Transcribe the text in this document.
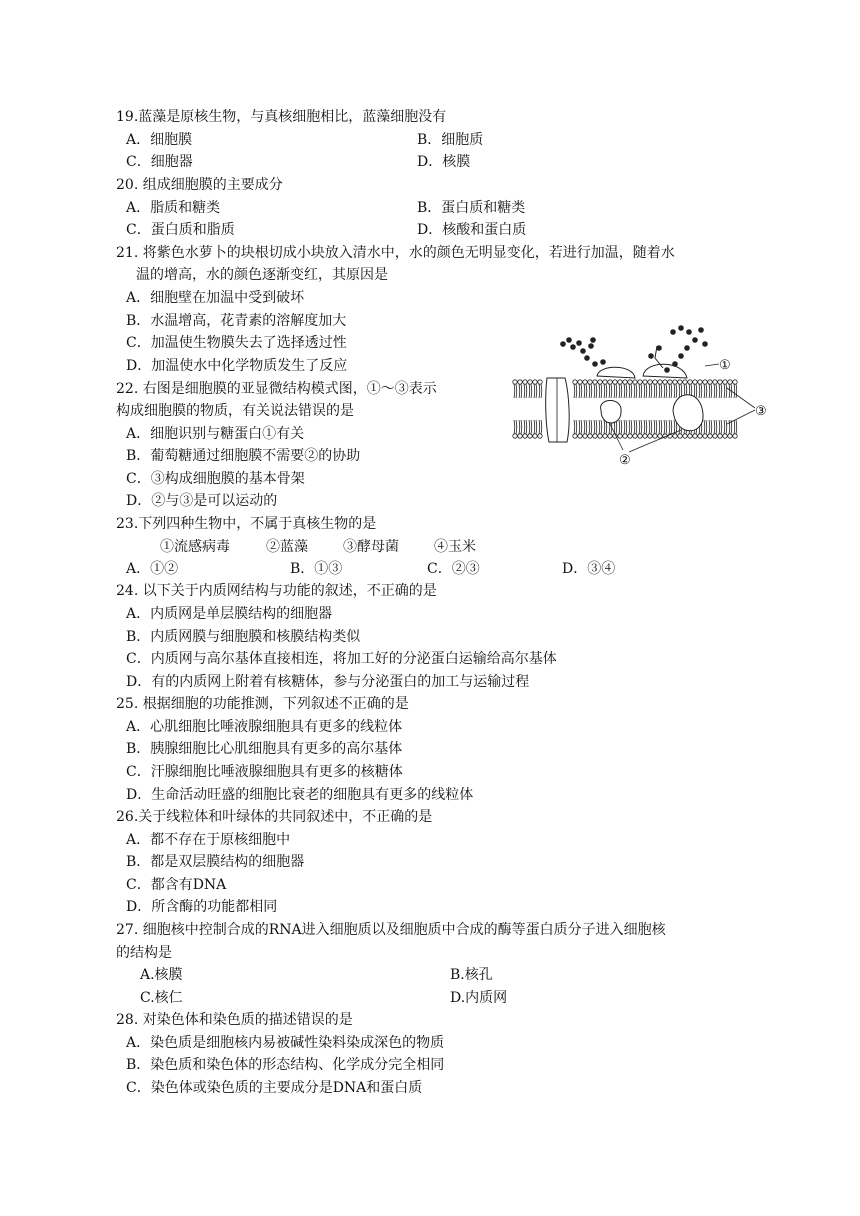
19.蓝藻是原核生物，与真核细胞相比，蓝藻细胞没有
A．细胞膜	B．细胞质
C．细胞器	D．核膜
20. 组成细胞膜的主要成分
A．脂质和糖类	B．蛋白质和糖类
C．蛋白质和脂质	D．核酸和蛋白质
21. 将紫色水萝卜的块根切成小块放入清水中，水的颜色无明显变化，若进行加温，随着水
温的增高，水的颜色逐渐变红，其原因是
A．细胞壁在加温中受到破坏
B．水温增高，花青素的溶解度加大
C．加温使生物膜失去了选择透过性
D．加温使水中化学物质发生了反应
22. 右图是细胞膜的亚显微结构模式图，①～③表示
构成细胞膜的物质，有关说法错误的是
A．细胞识别与糖蛋白①有关
B．葡萄糖通过细胞膜不需要②的协助
C．③构成细胞膜的基本骨架
D．②与③是可以运动的
①
②
③
23.下列四种生物中，不属于真核生物的是
①流感病毒	②蓝藻	③酵母菌	④玉米
A．①②	B．①③	C．②③	D．③④
24. 以下关于内质网结构与功能的叙述，不正确的是
A．内质网是单层膜结构的细胞器
B．内质网膜与细胞膜和核膜结构类似
C．内质网与高尔基体直接相连，将加工好的分泌蛋白运输给高尔基体
D．有的内质网上附着有核糖体，参与分泌蛋白的加工与运输过程
25. 根据细胞的功能推测，下列叙述不正确的是
A．心肌细胞比唾液腺细胞具有更多的线粒体
B．胰腺细胞比心肌细胞具有更多的高尔基体
C．汗腺细胞比唾液腺细胞具有更多的核糖体
D．生命活动旺盛的细胞比衰老的细胞具有更多的线粒体
26.关于线粒体和叶绿体的共同叙述中，不正确的是
A．都不存在于原核细胞中
B．都是双层膜结构的细胞器
C．都含有DNA
D．所含酶的功能都相同
27. 细胞核中控制合成的RNA进入细胞质以及细胞质中合成的酶等蛋白质分子进入细胞核
的结构是
A.核膜	B.核孔
C.核仁	D.内质网
28. 对染色体和染色质的描述错误的是
A．染色质是细胞核内易被碱性染料染成深色的物质
B．染色质和染色体的形态结构、化学成分完全相同
C．染色体或染色质的主要成分是DNA和蛋白质
